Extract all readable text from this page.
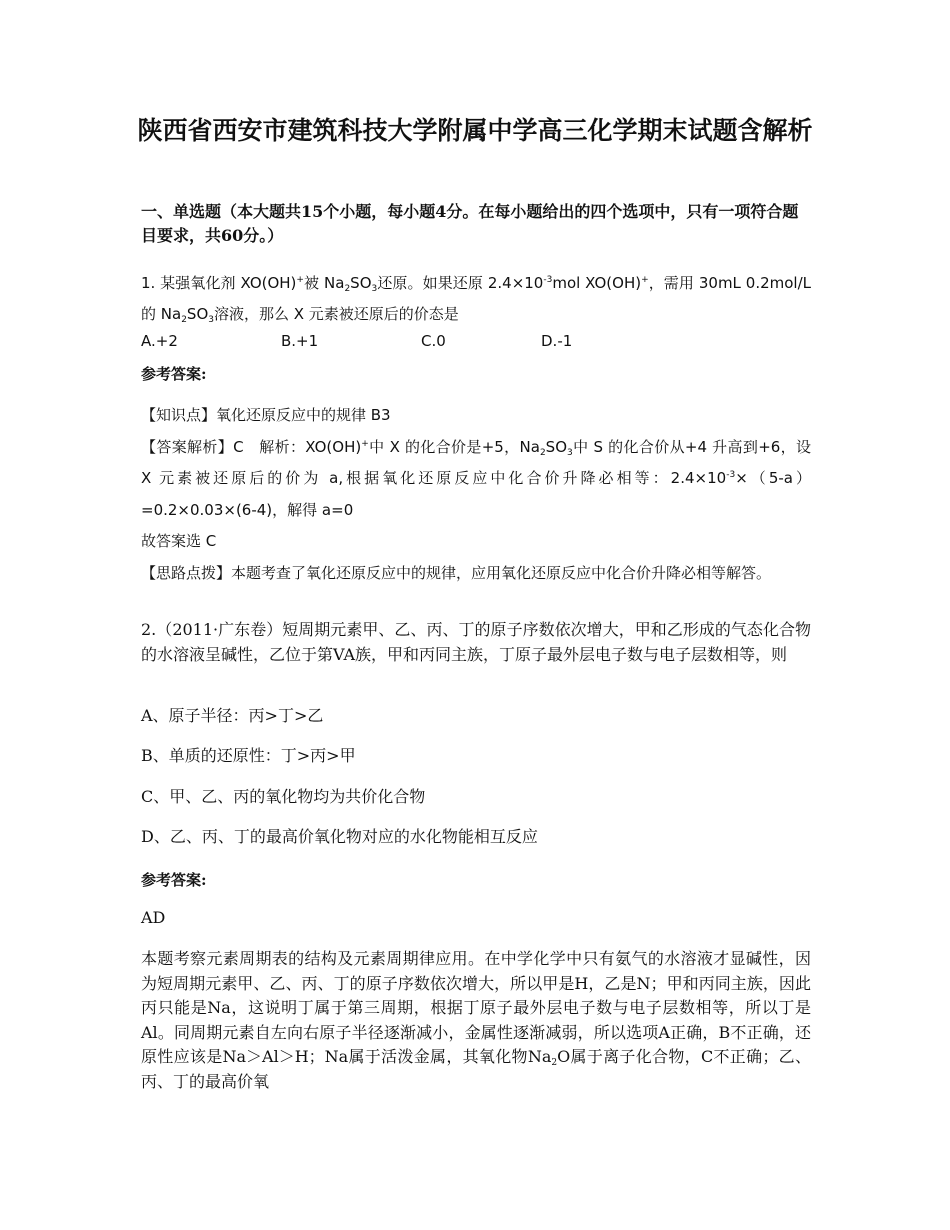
陕西省西安市建筑科技大学附属中学高三化学期末试题含解析
一、单选题（本大题共15个小题，每小题4分。在每小题给出的四个选项中，只有一项符合题目要求，共60分。）
1. 某强氧化剂 XO(OH)+被 $Na_2SO_3$还原。如果还原 $2.4\times 10^{-3}mol$ XO(OH)+，需用 30mL 0.2mol/L 的 $Na_2SO_3$溶液，那么 X 元素被还原后的价态是
A.+2	B.+1	C.0	D.-1
参考答案:

【知识点】氧化还原反应中的规律 B3

【答案解析】C　解析：XO(OH)+中 X 的化合价是+5，$Na_2SO_3$中 S 的化合价从+4 升高到+6，设 X 元素被还原后的价为 a,根据氧化还原反应中化合价升降必相等：$2.4\times 10^{-3}\times(5-a)=0.2\times 0.03\times(6-4)$，解得 a=0

故答案选 C

【思路点拨】本题考查了氧化还原反应中的规律，应用氧化还原反应中化合价升降必相等解答。

2.（2011·广东卷）短周期元素甲、乙、丙、丁的原子序数依次增大，甲和乙形成的气态化合物的水溶液呈碱性，乙位于第VA族，甲和丙同主族，丁原子最外层电子数与电子层数相等，则
A、原子半径：丙>丁>乙
B、单质的还原性：丁>丙>甲
C、甲、乙、丙的氧化物均为共价化合物
D、乙、丙、丁的最高价氧化物对应的水化物能相互反应
参考答案:
AD
本题考察元素周期表的结构及元素周期律应用。在中学化学中只有氨气的水溶液才显碱性，因为短周期元素甲、乙、丙、丁的原子序数依次增大，所以甲是H，乙是N；甲和丙同主族，因此丙只能是Na，这说明丁属于第三周期，根据丁原子最外层电子数与电子层数相等，所以丁是Al。同周期元素自左向右原子半径逐渐减小，金属性逐渐减弱，所以选项A正确，B不正确，还原性应该是Na＞Al＞H；Na属于活泼金属，其氧化物$Na_2O$属于离子化合物，C不正确；乙、丙、丁的最高价氧
